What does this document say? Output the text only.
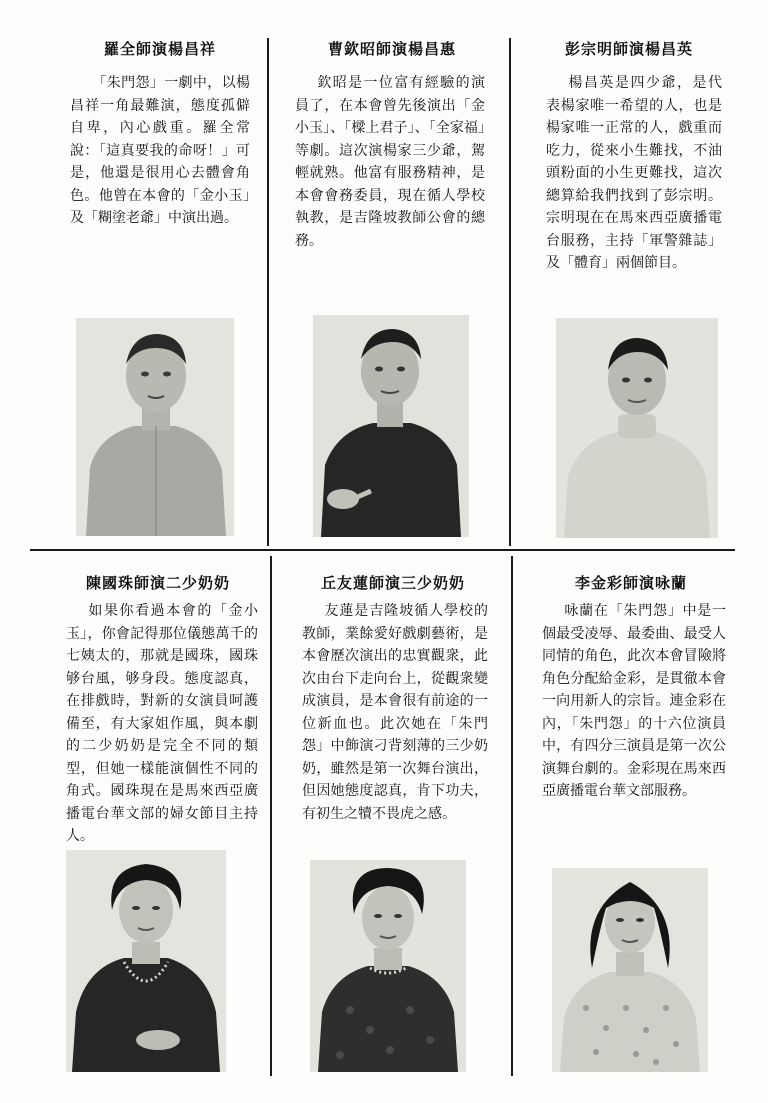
羅全師演楊昌祥
「朱門怨」一劇中，以楊昌祥一角最難演，態度孤僻自卑，內心戲重。羅全常說：「這真要我的命呀！」可是，他還是很用心去體會角色。他曾在本會的「金小玉」及「糊塗老爺」中演出過。
曹欽昭師演楊昌惠
欽昭是一位富有經驗的演員了，在本會曾先後演出「金小玉」、「樑上君子」、「全家福」等劇。這次演楊家三少爺，駕輕就熟。他富有服務精神，是本會會務委員，現在循人學校執教，是吉隆坡教師公會的總務。
彭宗明師演楊昌英
楊昌英是四少爺，是代表楊家唯一希望的人，也是楊家唯一正常的人，戲重而吃力，從來小生難找，不油頭粉面的小生更難找，這次總算給我們找到了彭宗明。宗明現在在馬來西亞廣播電台服務，主持「軍警雜誌」及「體育」兩個節目。
陳國珠師演二少奶奶
如果你看過本會的「金小玉」，你會記得那位儀態萬千的七姨太的，那就是國珠，國珠够台風，够身段。態度認真，在排戲時，對新的女演員呵護備至，有大家姐作風，與本劇的二少奶奶是完全不同的類型，但她一樣能演個性不同的角式。國珠現在是馬來西亞廣播電台華文部的婦女節目主持人。
丘友蓮師演三少奶奶
友蓮是吉隆坡循人學校的教師，業餘愛好戲劇藝術，是本會歷次演出的忠實觀衆，此次由台下走向台上，從觀衆變成演員，是本會很有前途的一位新血也。此次她在「朱門怨」中飾演刁背刻薄的三少奶奶，雖然是第一次舞台演出，但因她態度認真，肯下功夫，有初生之犢不畏虎之感。
李金彩師演咏蘭
咏蘭在「朱門怨」中是一個最受凌辱、最委曲、最受人同情的角色，此次本會冒險將角色分配給金彩，是貫徹本會一向用新人的宗旨。連金彩在內，「朱門怨」的十六位演員中，有四分三演員是第一次公演舞台劇的。金彩現在馬來西亞廣播電台華文部服務。
